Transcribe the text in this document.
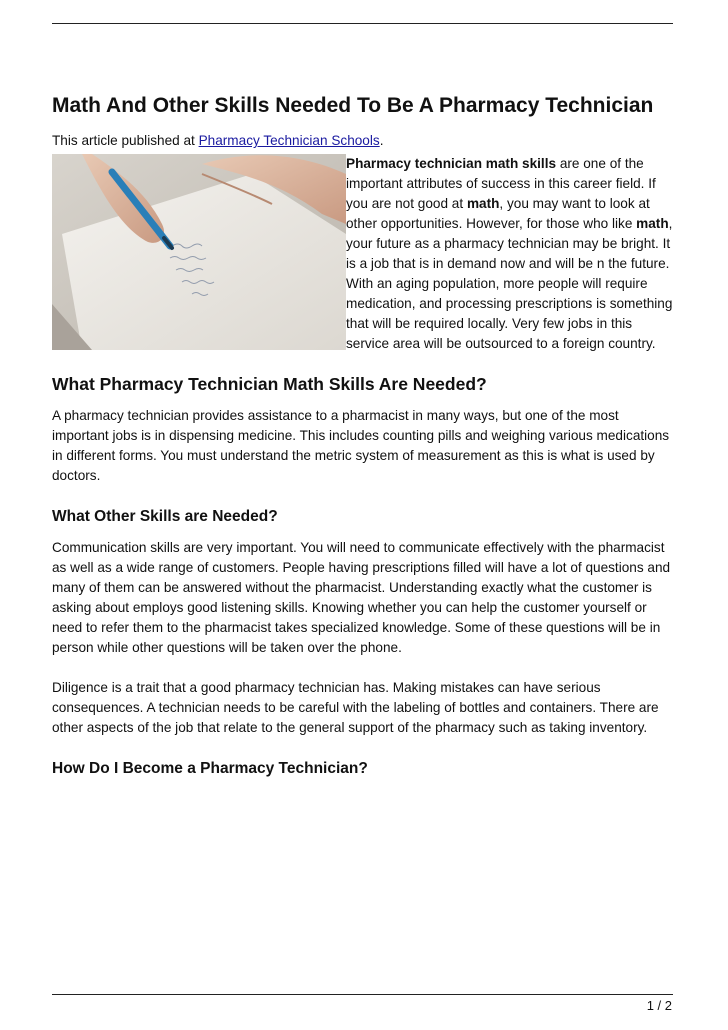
Math And Other Skills Needed To Be A Pharmacy Technician

This article published at Pharmacy Technician Schools.

Pharmacy technician math skills are one of the important attributes of success in this career field. If you are not good at math, you may want to look at other opportunities. However, for those who like math, your future as a pharmacy technician may be bright. It is a job that is in demand now and will be n the future. With an aging population, more people will require medication, and processing prescriptions is something that will be required locally. Very few jobs in this service area will be outsourced to a foreign country.

What Pharmacy Technician Math Skills Are Needed?

A pharmacy technician provides assistance to a pharmacist in many ways, but one of the most important jobs is in dispensing medicine. This includes counting pills and weighing various medications in different forms. You must understand the metric system of measurement as this is what is used by doctors.

What Other Skills are Needed?

Communication skills are very important. You will need to communicate effectively with the pharmacist as well as a wide range of customers. People having prescriptions filled will have a lot of questions and many of them can be answered without the pharmacist. Understanding exactly what the customer is asking about employs good listening skills. Knowing whether you can help the customer yourself or need to refer them to the pharmacist takes specialized knowledge. Some of these questions will be in person while other questions will be taken over the phone.

Diligence is a trait that a good pharmacy technician has. Making mistakes can have serious consequences. A technician needs to be careful with the labeling of bottles and containers. There are other aspects of the job that relate to the general support of the pharmacy such as taking inventory.

How Do I Become a Pharmacy Technician?
1 / 2
